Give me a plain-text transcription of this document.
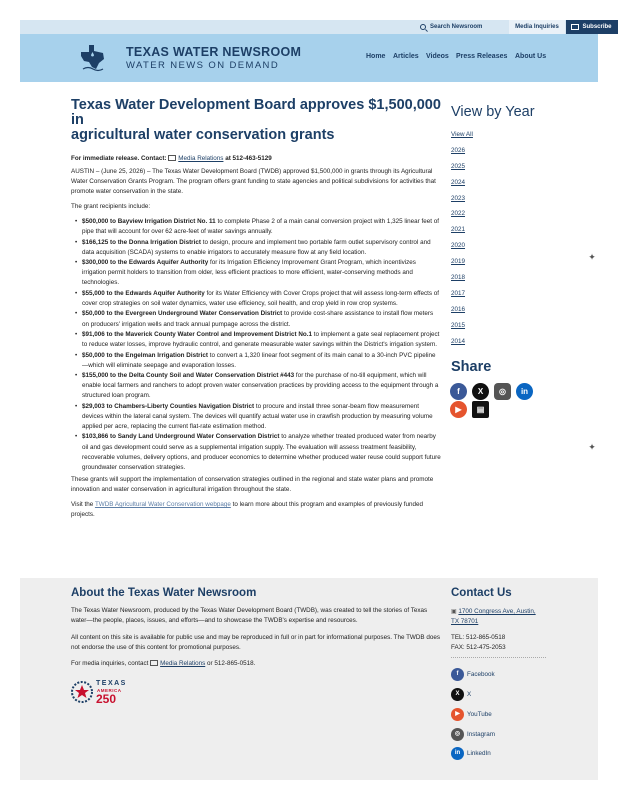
Search Newsroom	Media Inquiries	Subscribe
TEXAS WATER NEWSROOM
WATER NEWS ON DEMAND
Home Articles Videos Press Releases About Us
Texas Water Development Board approves $1,500,000 in
agricultural water conservation grants
For immediate release. Contact: Media Relations at 512-463-5129

AUSTIN – (June 25, 2026) – The Texas Water Development Board (TWDB) approved $1,500,000 in grants through its Agricultural Water Conservation Grants Program. The program offers grant funding to state agencies and political subdivisions for activities that promote water conservation in the state.

The grant recipients include:

• $500,000 to Bayview Irrigation District No. 11 to complete Phase 2 of a main canal conversion project with 1,325 linear feet of pipe that will account for over 62 acre-feet of water savings annually.
• $166,125 to the Donna Irrigation District to design, procure and implement two portable farm outlet supervisory control and data acquisition (SCADA) systems to enable irrigators to accurately measure flow at any field location.
• $300,000 to the Edwards Aquifer Authority for its Irrigation Efficiency Improvement Grant Program, which incentivizes irrigation permit holders to transition from older, less efficient practices to more efficient, water-conserving methods and technologies.
• $55,000 to the Edwards Aquifer Authority for its Water Efficiency with Cover Crops project that will assess long-term effects of cover crop strategies on soil water dynamics, water use efficiency, soil health, and crop yield in row crop systems.
• $50,000 to the Evergreen Underground Water Conservation District to provide cost-share assistance to install flow meters on producers' irrigation wells and track annual pumpage across the district.
• $91,006 to the Maverick County Water Control and Improvement District No.1 to implement a gate seal replacement project to reduce water losses, improve hydraulic control, and generate measurable water savings within the District's irrigation system.
• $50,000 to the Engelman Irrigation District to convert a 1,320 linear foot segment of its main canal to a 30-inch PVC pipeline—which will eliminate seepage and evaporation losses.
• $155,000 to the Delta County Soil and Water Conservation District #443 for the purchase of no-till equipment, which will enable local farmers and ranchers to adopt proven water conservation practices by providing access to the equipment through a structured loan program.
• $29,003 to Chambers-Liberty Counties Navigation District to procure and install three sonar-beam flow measurement devices within the lateral canal system. The devices will quantify actual water use in crawfish production by measuring volume applied per acre, replacing the current flat-rate estimation method.
• $103,866 to Sandy Land Underground Water Conservation District to analyze whether treated produced water from nearby oil and gas development could serve as a supplemental irrigation supply. The evaluation will assess treatment feasibility, recoverable volumes, delivery options, and producer economics to determine whether produced water reuse could support future groundwater conservation strategies.

These grants will support the implementation of conservation strategies outlined in the regional and state water plans and promote innovation and water conservation in agricultural irrigation throughout the state.

Visit the TWDB Agricultural Water Conservation webpage to learn more about this program and examples of previously funded projects.

View by Year
View All
2026
2025
2024
2023
2022
2021
2020
2019
2018
2017
2016
2015
2014
Share
f	X	◎	in
▶	▤
✦
✦
About the Texas Water Newsroom

The Texas Water Newsroom, produced by the Texas Water Development Board (TWDB), was created to tell the stories of Texas water—the people, places, issues, and efforts—and to showcase the TWDB's expertise and resources.

All content on this site is available for public use and may be reproduced in full or in part for informational purposes. The TWDB does not endorse the use of this content for promotional purposes.

For media inquiries, contact Media Relations or 512-865-0518.

TEXAS
AMERICA
250
Contact Us
▣ 1700 Congress Ave, Austin,
TX 78701
TEL: 512-865-0518
FAX: 512-475-2053
f	Facebook
X	X
▶	YouTube
◎	Instagram
in	LinkedIn
